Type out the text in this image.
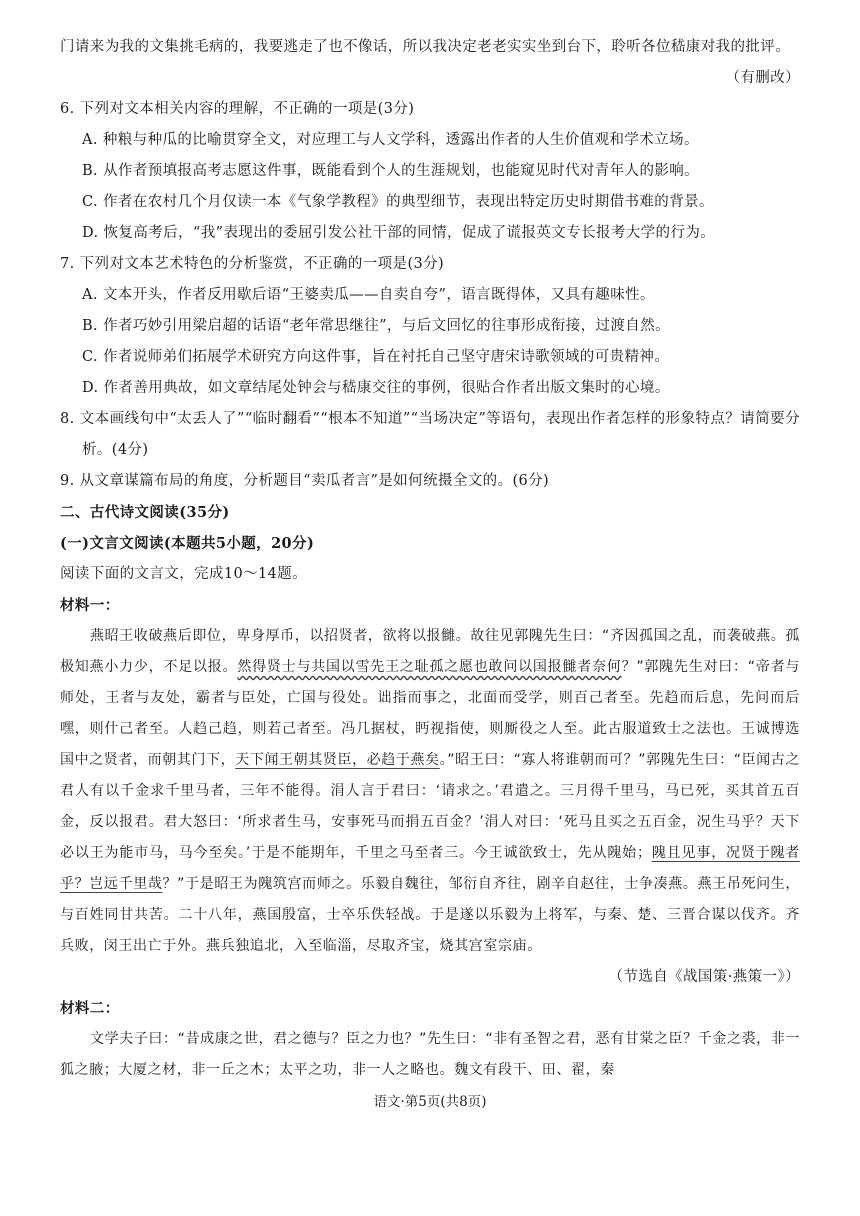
门请来为我的文集挑毛病的，我要逃走了也不像话，所以我决定老老实实坐到台下，聆听各位嵇康对我的批评。

（有删改）

6. 下列对文本相关内容的理解，不正确的一项是(3分)

A. 种粮与种瓜的比喻贯穿全文，对应理工与人文学科，透露出作者的人生价值观和学术立场。

B. 从作者预填报高考志愿这件事，既能看到个人的生涯规划，也能窥见时代对青年人的影响。

C. 作者在农村几个月仅读一本《气象学教程》的典型细节，表现出特定历史时期借书难的背景。

D. 恢复高考后，“我”表现出的委屈引发公社干部的同情，促成了谎报英文专长报考大学的行为。

7. 下列对文本艺术特色的分析鉴赏，不正确的一项是(3分)

A. 文本开头，作者反用歇后语“王婆卖瓜——自卖自夸”，语言既得体，又具有趣味性。

B. 作者巧妙引用梁启超的话语“老年常思继往”，与后文回忆的往事形成衔接，过渡自然。

C. 作者说师弟们拓展学术研究方向这件事，旨在衬托自己坚守唐宋诗歌领域的可贵精神。

D. 作者善用典故，如文章结尾处钟会与嵇康交往的事例，很贴合作者出版文集时的心境。

8. 文本画线句中“太丢人了”“临时翻看”“根本不知道”“当场决定”等语句，表现出作者怎样的形象特点？请简要分析。(4分)

9. 从文章谋篇布局的角度，分析题目“卖瓜者言”是如何统摄全文的。(6分)

二、古代诗文阅读(35分)

(一)文言文阅读(本题共5小题，20分)

阅读下面的文言文，完成10～14题。

材料一：

燕昭王收破燕后即位，卑身厚币，以招贤者，欲将以报雠。故往见郭隗先生曰：“齐因孤国之乱，而袭破燕。孤极知燕小力少，不足以报。然得贤士与共国以雪先王之耻孤之愿也敢问以国报雠者奈何？”郭隗先生对曰：“帝者与师处，王者与友处，霸者与臣处，亡国与役处。诎指而事之，北面而受学，则百己者至。先趋而后息，先问而后嘿，则什己者至。人趋己趋，则若己者至。冯几据杖，眄视指使，则厮役之人至。此古服道致士之法也。王诚博选国中之贤者，而朝其门下，天下闻王朝其贤臣，必趋于燕矣。”昭王曰：“寡人将谁朝而可？”郭隗先生曰：“臣闻古之君人有以千金求千里马者，三年不能得。涓人言于君曰：‘请求之。’君遣之。三月得千里马，马已死，买其首五百金，反以报君。君大怒曰：‘所求者生马，安事死马而捐五百金？’涓人对曰：‘死马且买之五百金，况生马乎？天下必以王为能市马，马今至矣。’于是不能期年，千里之马至者三。今王诚欲致士，先从隗始；隗且见事，况贤于隗者乎？岂远千里哉？”于是昭王为隗筑宫而师之。乐毅自魏往，邹衍自齐往，剧辛自赵往，士争凑燕。燕王吊死问生，与百姓同甘共苦。二十八年，燕国殷富，士卒乐佚轻战。于是遂以乐毅为上将军，与秦、楚、三晋合谋以伐齐。齐兵败，闵王出亡于外。燕兵独追北，入至临淄，尽取齐宝，烧其宫室宗庙。

（节选自《战国策·燕策一》）

材料二：

文学夫子曰：“昔成康之世，君之德与？臣之力也？”先生曰：“非有圣智之君，恶有甘棠之臣？千金之裘，非一狐之腋；大厦之材，非一丘之木；太平之功，非一人之略也。魏文有段干、田、翟，秦

语文·第5页(共8页)
